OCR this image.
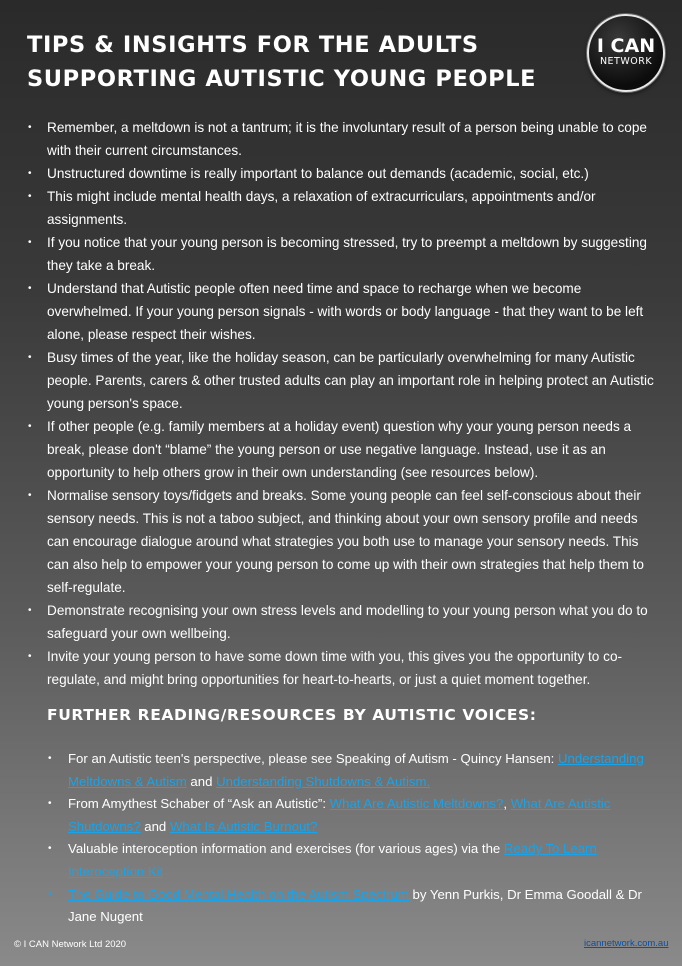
TIPS & INSIGHTS FOR THE ADULTS
SUPPORTING AUTISTIC YOUNG PEOPLE
I CAN
NETWORK
• Remember, a meltdown is not a tantrum; it is the involuntary result of a person being unable to cope with their current circumstances.
• Unstructured downtime is really important to balance out demands (academic, social, etc.)
• This might include mental health days, a relaxation of extracurriculars, appointments and/or assignments.
• If you notice that your young person is becoming stressed, try to preempt a meltdown by suggesting they take a break.
• Understand that Autistic people often need time and space to recharge when we become overwhelmed. If your young person signals - with words or body language - that they want to be left alone, please respect their wishes.
• Busy times of the year, like the holiday season, can be particularly overwhelming for many Autistic people. Parents, carers & other trusted adults can play an important role in helping protect an Autistic young person's space.
• If other people (e.g. family members at a holiday event) question why your young person needs a break, please don't “blame” the young person or use negative language. Instead, use it as an opportunity to help others grow in their own understanding (see resources below).
• Normalise sensory toys/fidgets and breaks. Some young people can feel self-conscious about their sensory needs. This is not a taboo subject, and thinking about your own sensory profile and needs can encourage dialogue around what strategies you both use to manage your sensory needs. This can also help to empower your young person to come up with their own strategies that help them to self-regulate.
• Demonstrate recognising your own stress levels and modelling to your young person what you do to safeguard your own wellbeing.
• Invite your young person to have some down time with you, this gives you the opportunity to co-regulate, and might bring opportunities for heart-to-hearts, or just a quiet moment together.
FURTHER READING/RESOURCES BY AUTISTIC VOICES:
• For an Autistic teen's perspective, please see Speaking of Autism - Quincy Hansen: Understanding Meltdowns & Autism and Understanding Shutdowns & Autism.
• From Amythest Schaber of “Ask an Autistic”: What Are Autistic Meltdowns?, What Are Autistic Shutdowns? and What Is Autistic Burnout?
• Valuable interoception information and exercises (for various ages) via the Ready To Learn Interoception Kit
• The Guide to Good Mental Health on the Autism Spectrum by Yenn Purkis, Dr Emma Goodall & Dr Jane Nugent
© I CAN Network Ltd 2020	icannetwork.com.au
